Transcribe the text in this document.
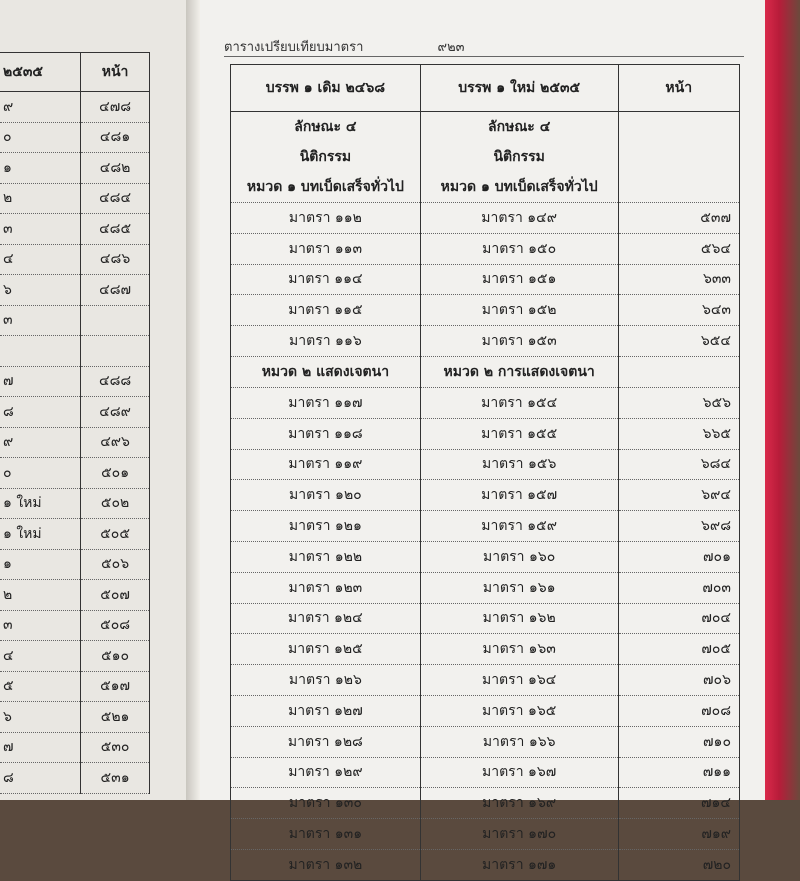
๒๕๓๕	หน้า
๙	๔๗๘
๐	๔๘๑
๑	๔๘๒
๒	๔๘๔
๓	๔๘๕
๔	๔๘๖
๖	๔๘๗
๓	

๗	๔๘๘
๘	๔๘๙
๙	๔๙๖
๐	๕๐๑
๑ ใหม่	๕๐๒
๑ ใหม่	๕๐๕
๑	๕๐๖
๒	๕๐๗
๓	๕๐๘
๔	๕๑๐
๕	๕๑๗
๖	๕๒๑
๗	๕๓๐
๘	๕๓๑
ตารางเปรียบเทียบมาตรา	๙๒๓
บรรพ ๑ เดิม ๒๔๖๘	บรรพ ๑ ใหม่ ๒๕๓๕	หน้า
ลักษณะ ๔	ลักษณะ ๔	
นิติกรรม	นิติกรรม	
หมวด ๑ บทเบ็ดเสร็จทั่วไป	หมวด ๑ บทเบ็ดเสร็จทั่วไป	
มาตรา ๑๑๒	มาตรา ๑๔๙	๕๓๗
มาตรา ๑๑๓	มาตรา ๑๕๐	๕๖๔
มาตรา ๑๑๔	มาตรา ๑๕๑	๖๓๓
มาตรา ๑๑๕	มาตรา ๑๕๒	๖๔๓
มาตรา ๑๑๖	มาตรา ๑๕๓	๖๕๔
หมวด ๒ แสดงเจตนา	หมวด ๒ การแสดงเจตนา	
มาตรา ๑๑๗	มาตรา ๑๕๔	๖๕๖
มาตรา ๑๑๘	มาตรา ๑๕๕	๖๖๕
มาตรา ๑๑๙	มาตรา ๑๕๖	๖๘๔
มาตรา ๑๒๐	มาตรา ๑๕๗	๖๙๔
มาตรา ๑๒๑	มาตรา ๑๕๙	๖๙๘
มาตรา ๑๒๒	มาตรา ๑๖๐	๗๐๑
มาตรา ๑๒๓	มาตรา ๑๖๑	๗๐๓
มาตรา ๑๒๔	มาตรา ๑๖๒	๗๐๔
มาตรา ๑๒๕	มาตรา ๑๖๓	๗๐๕
มาตรา ๑๒๖	มาตรา ๑๖๔	๗๐๖
มาตรา ๑๒๗	มาตรา ๑๖๕	๗๐๘
มาตรา ๑๒๘	มาตรา ๑๖๖	๗๑๐
มาตรา ๑๒๙	มาตรา ๑๖๗	๗๑๑
มาตรา ๑๓๐	มาตรา ๑๖๙	๗๑๔
มาตรา ๑๓๑	มาตรา ๑๗๐	๗๑๙
มาตรา ๑๓๒	มาตรา ๑๗๑	๗๒๐
